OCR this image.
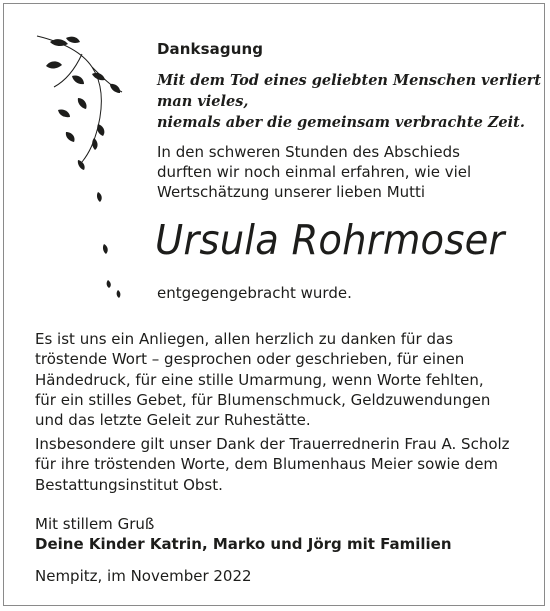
Danksagung
Mit dem Tod eines geliebten Menschen verliert
man vieles,
niemals aber die gemeinsam verbrachte Zeit.
In den schweren Stunden des Abschieds
durften wir noch einmal erfahren, wie viel
Wertschätzung unserer lieben Mutti
Ursula Rohrmoser
entgegengebracht wurde.
Es ist uns ein Anliegen, allen herzlich zu danken für das
tröstende Wort – gesprochen oder geschrieben, für einen
Händedruck, für eine stille Umarmung, wenn Worte fehlten,
für ein stilles Gebet, für Blumenschmuck, Geldzuwendungen
und das letzte Geleit zur Ruhestätte.
Insbesondere gilt unser Dank der Trauerrednerin Frau A. Scholz
für ihre tröstenden Worte, dem Blumenhaus Meier sowie dem
Bestattungsinstitut Obst.
Mit stillem Gruß
Deine Kinder Katrin, Marko und Jörg mit Familien
Nempitz, im November 2022
